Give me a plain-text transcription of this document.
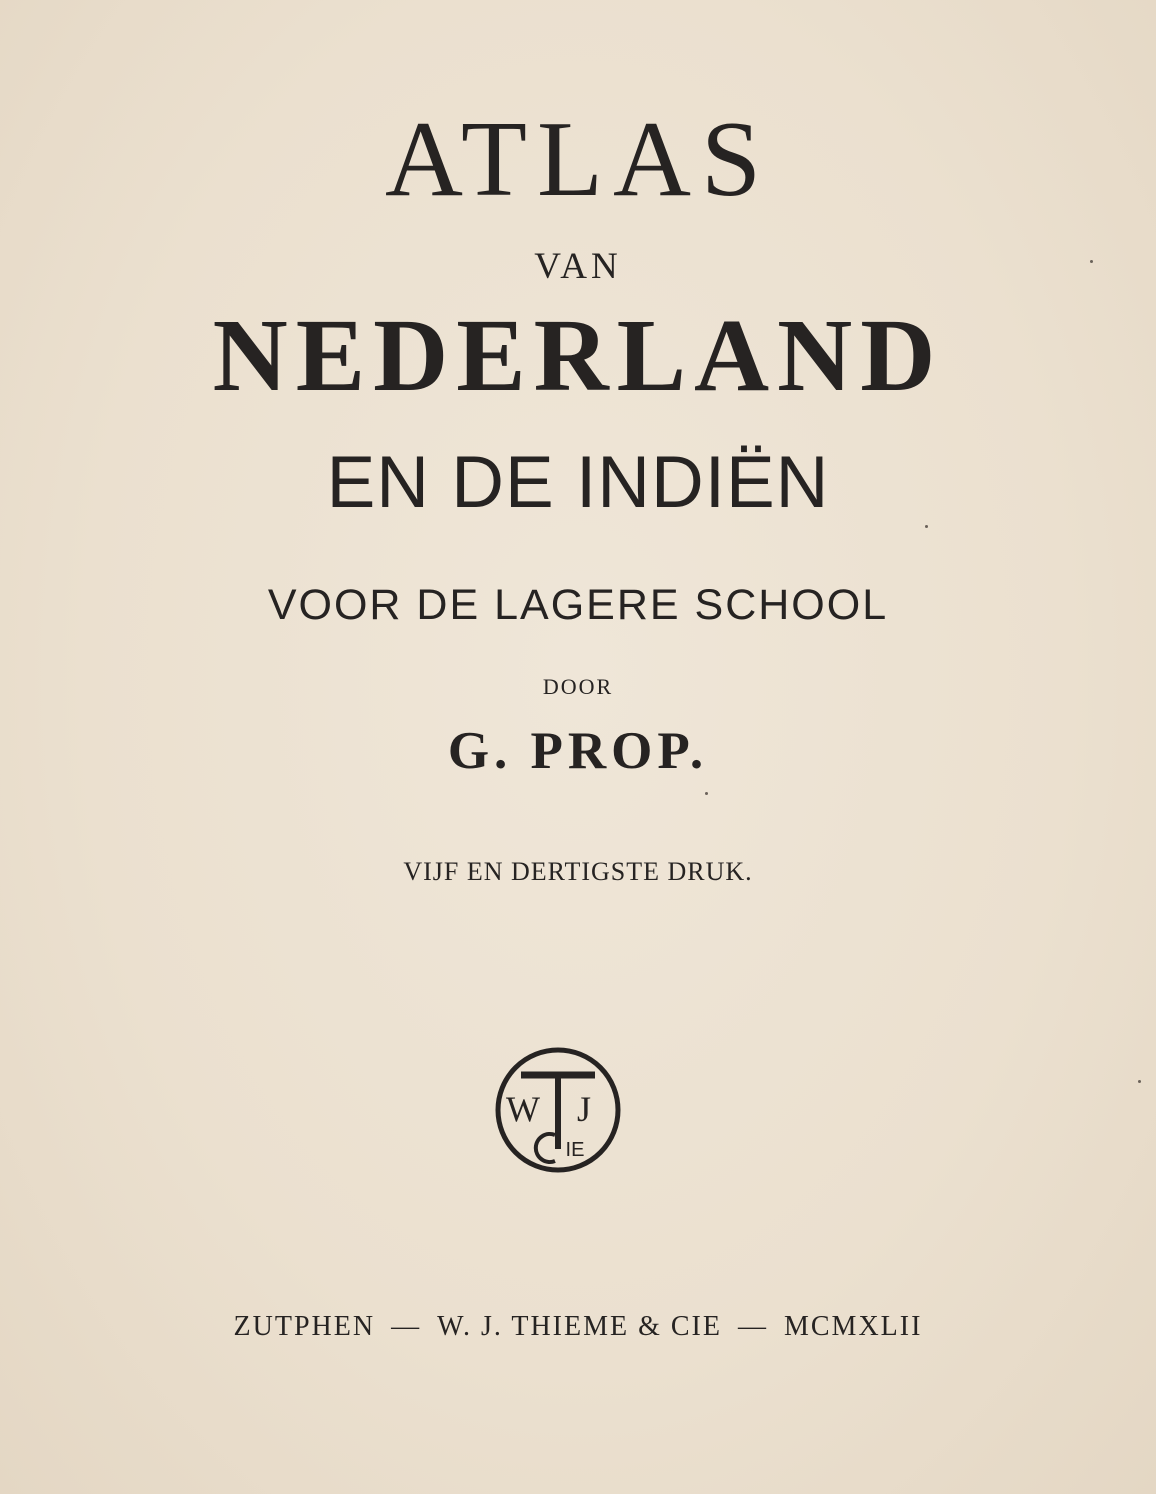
ATLAS
VAN
NEDERLAND
EN DE INDIËN
VOOR DE LAGERE SCHOOL
DOOR
G. PROP.
VIJF EN DERTIGSTE DRUK.
W J
IE
ZUTPHEN — W. J. THIEME & CIE — MCMXLII
